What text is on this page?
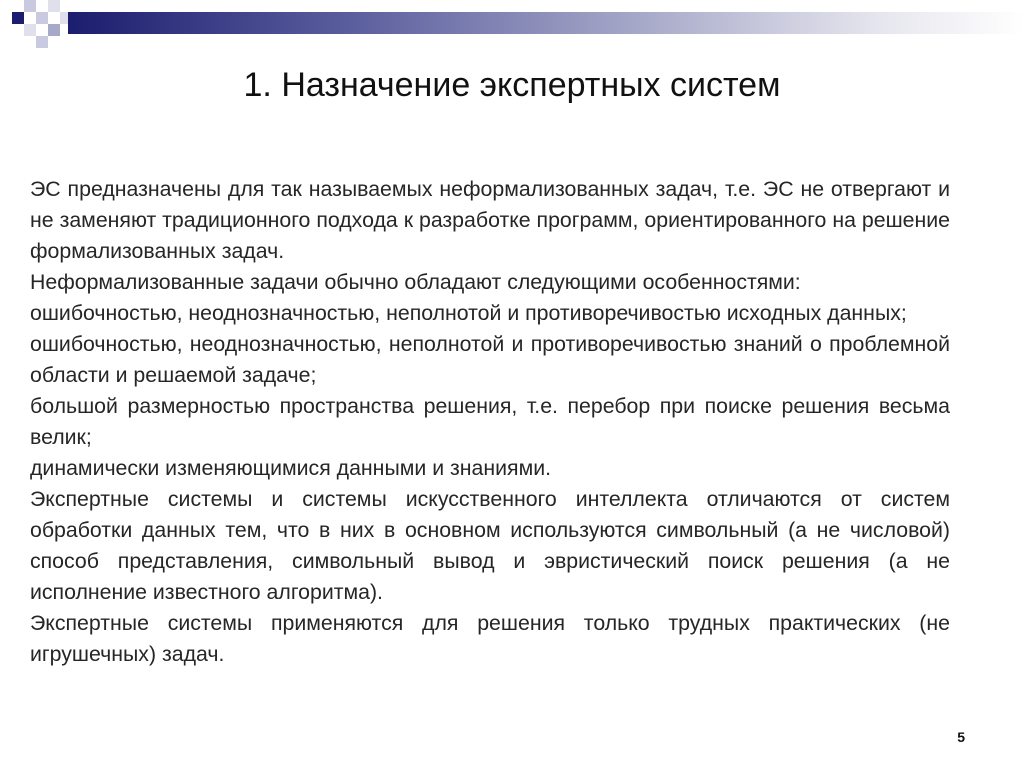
1. Назначение экспертных систем

ЭС предназначены для так называемых неформализованных задач, т.е. ЭС не отвергают и не заменяют традиционного подхода к разработке программ, ориентированного на решение формализованных задач.

Неформализованные задачи обычно обладают следующими особенностями:

ошибочностью, неоднозначностью, неполнотой и противоречивостью исходных данных;

ошибочностью, неоднозначностью, неполнотой и противоречивостью знаний о проблемной области и решаемой задаче;

большой размерностью пространства решения, т.е. перебор при поиске решения весьма велик;

динамически изменяющимися данными и знаниями.

Экспертные системы и системы искусственного интеллекта отличаются от систем обработки данных тем, что в них в основном используются символьный (а не числовой) способ представления, символьный вывод и эвристический поиск решения (а не исполнение известного алгоритма).

Экспертные системы применяются для решения только трудных практических (не игрушечных) задач.

5
